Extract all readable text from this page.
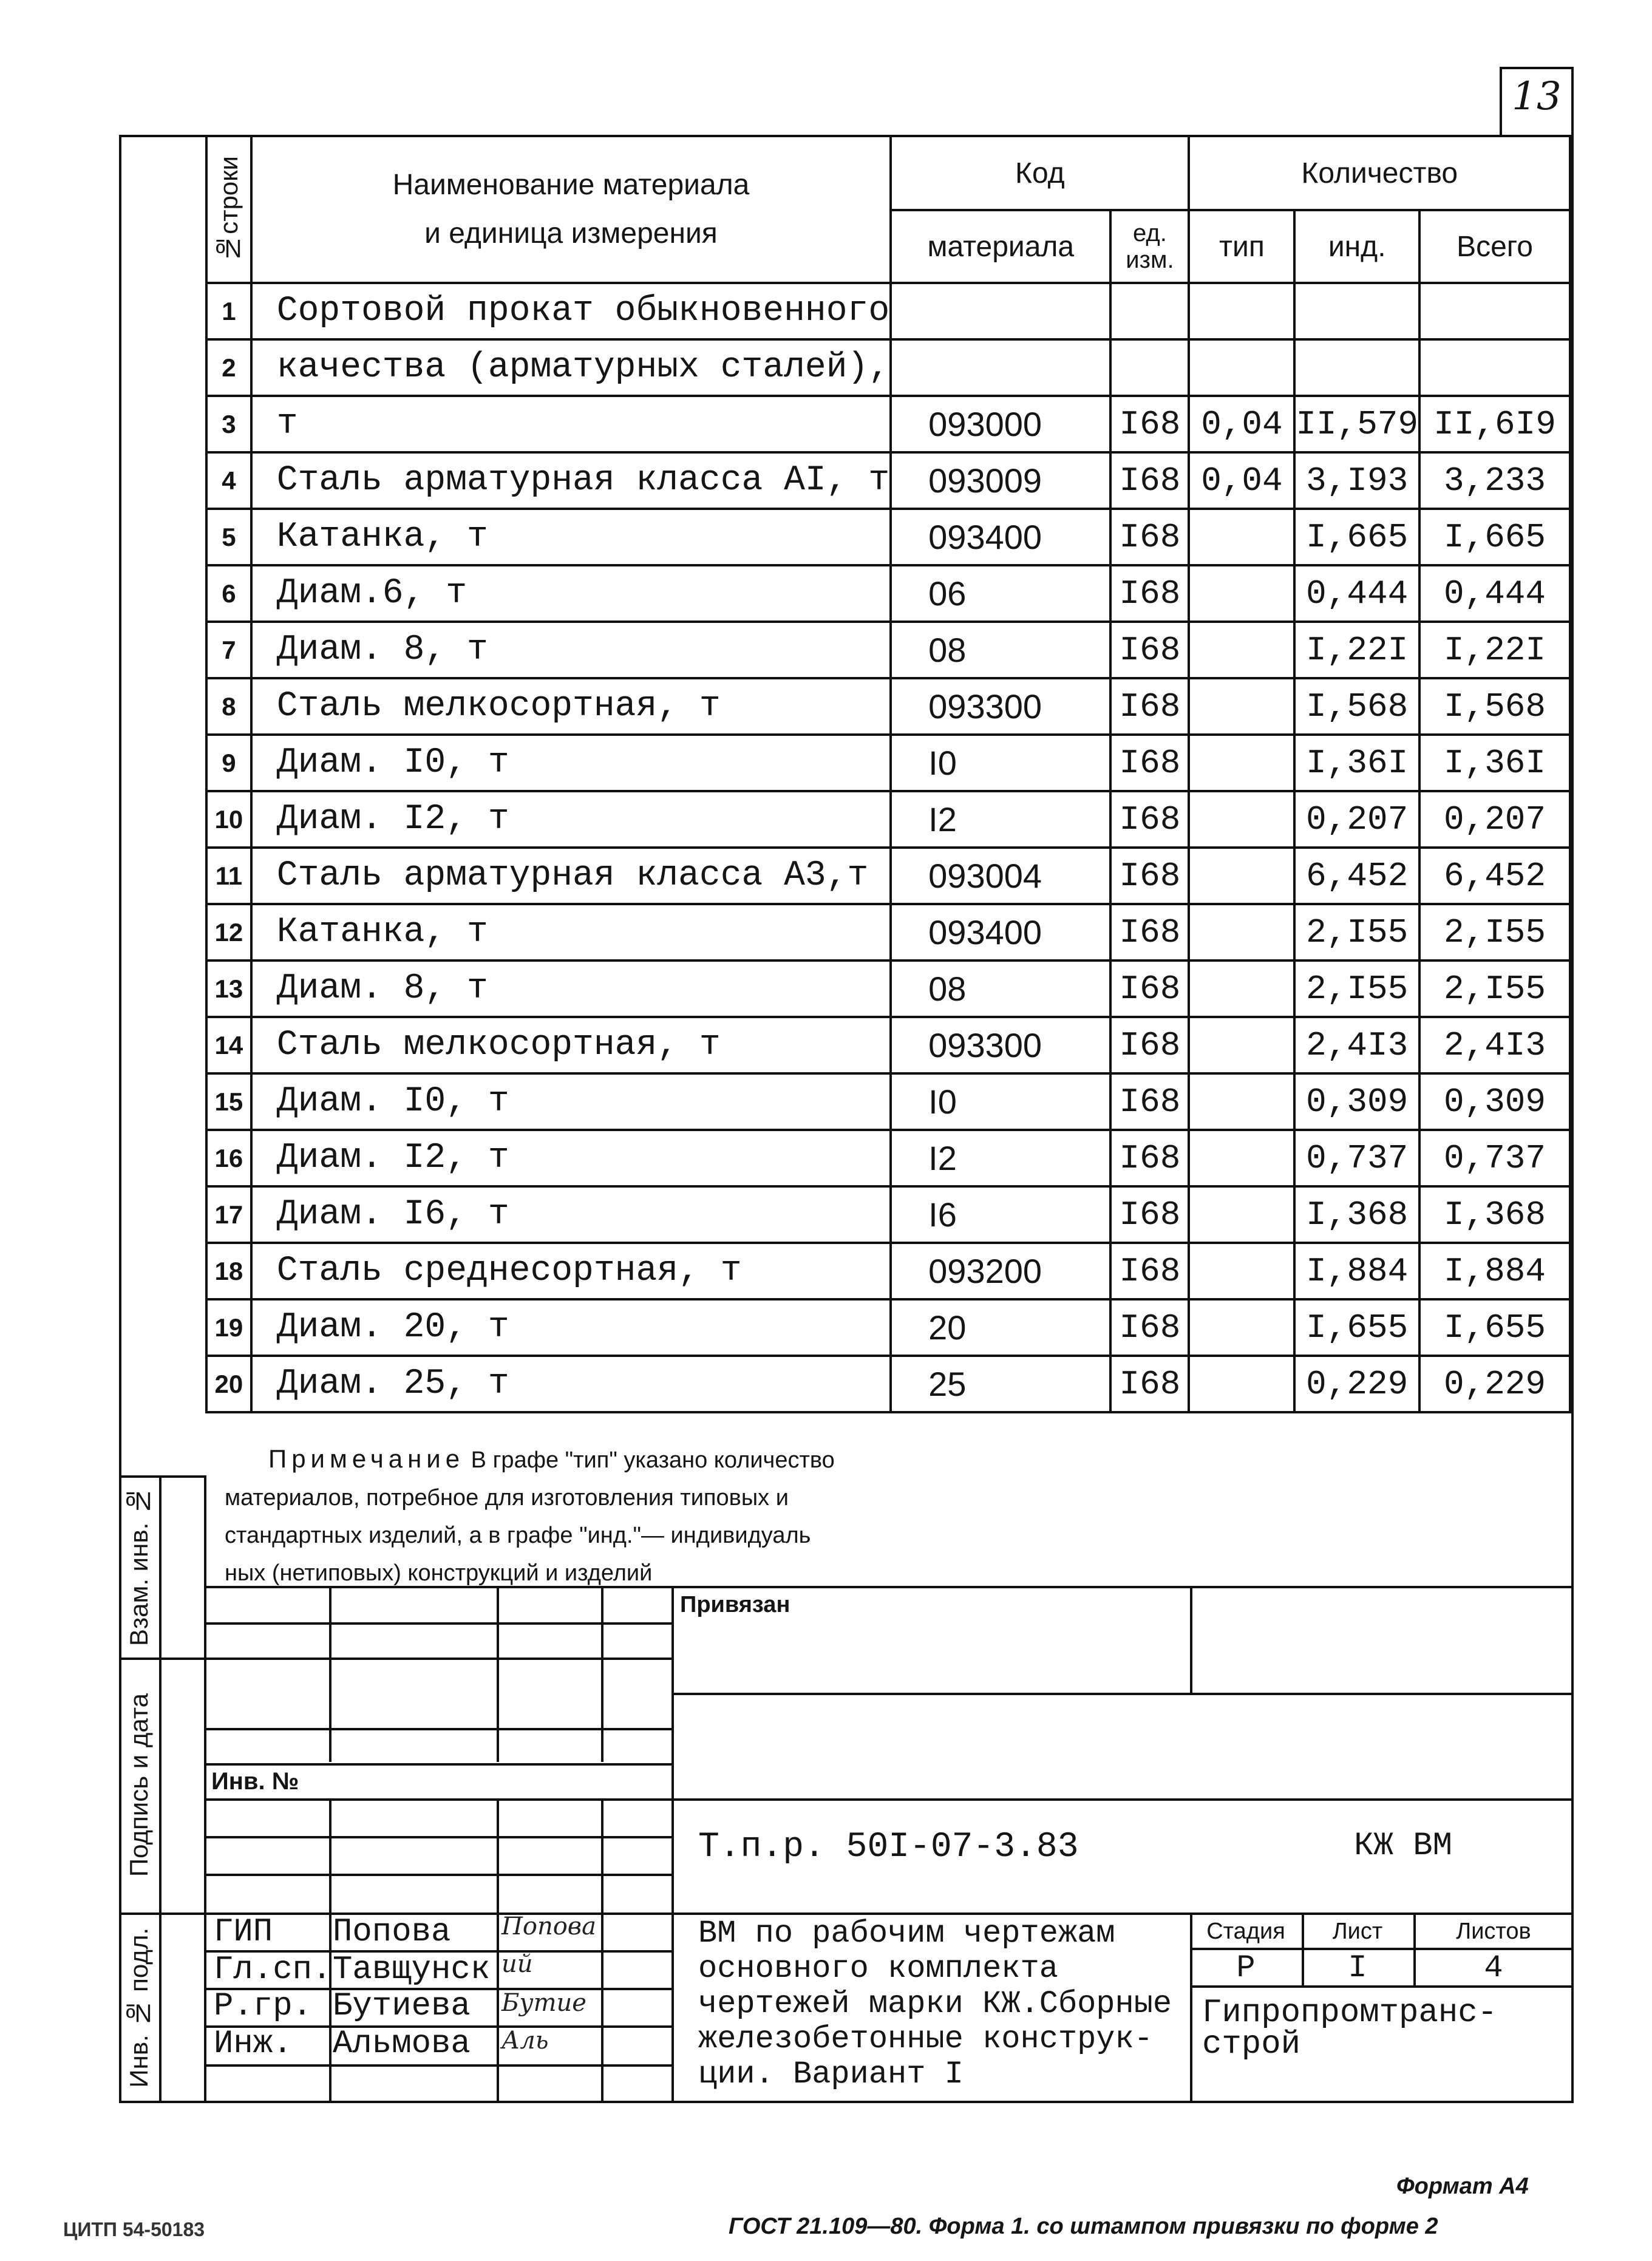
13
№строки	Наименование материала
и единица измерения	Код		Количество		
		материала	ед. изм.	тип	инд.	Всего
1	Сортовой прокат обыкновенного					
2	качества (арматурных сталей),					
3	т	093000	I68	0,04	II,579	II,6I9
4	Сталь арматурная класса AI, т	093009	I68	0,04	3,I93	3,233
5	Катанка, т	093400	I68		I,665	I,665
6	Диам.6, т	06	I68		0,444	0,444
7	Диам. 8, т	08	I68		I,22I	I,22I
8	Сталь мелкосортная, т	093300	I68		I,568	I,568
9	Диам. I0, т	I0	I68		I,36I	I,36I
10	Диам. I2, т	I2	I68		0,207	0,207
11	Сталь арматурная класса A3,т	093004	I68		6,452	6,452
12	Катанка, т	093400	I68		2,I55	2,I55
13	Диам. 8, т	08	I68		2,I55	2,I55
14	Сталь мелкосортная, т	093300	I68		2,4I3	2,4I3
15	Диам. I0, т	I0	I68		0,309	0,309
16	Диам. I2, т	I2	I68		0,737	0,737
17	Диам. I6, т	I6	I68		I,368	I,368
18	Сталь среднесортная, т	093200	I68		I,884	I,884
19	Диам. 20, т	20	I68		I,655	I,655
20	Диам. 25, т	25	I68		0,229	0,229
Примечание В графе "тип" указано количество
материалов, потребное для изготовления типовых и
стандартных изделий, а в графе "инд."— индивидуаль
ных (нетиповых) конструкций и изделий
Взам. инв. №
Подпись и дата
Инв. № подл.
Привязан
Инв. №
Т.п.р. 50I-07-3.83	КЖ ВМ
ВМ по рабочим чертежам
основного комплекта
чертежей марки КЖ.Сборные
железобетонные конструк-
ции. Вариант I
Стадия	Лист	Листов
Р	I	4
Гипропромтранс-
строй
ГИП Попова Попова
Гл.сп. Тавщунск ий
Р.гр. Бутиева Бутие
Инж. Альмова Аль
Формат А4
ГОСТ 21.109—80. Форма 1. со штампом привязки по форме 2
ЦИТП 54-50183
